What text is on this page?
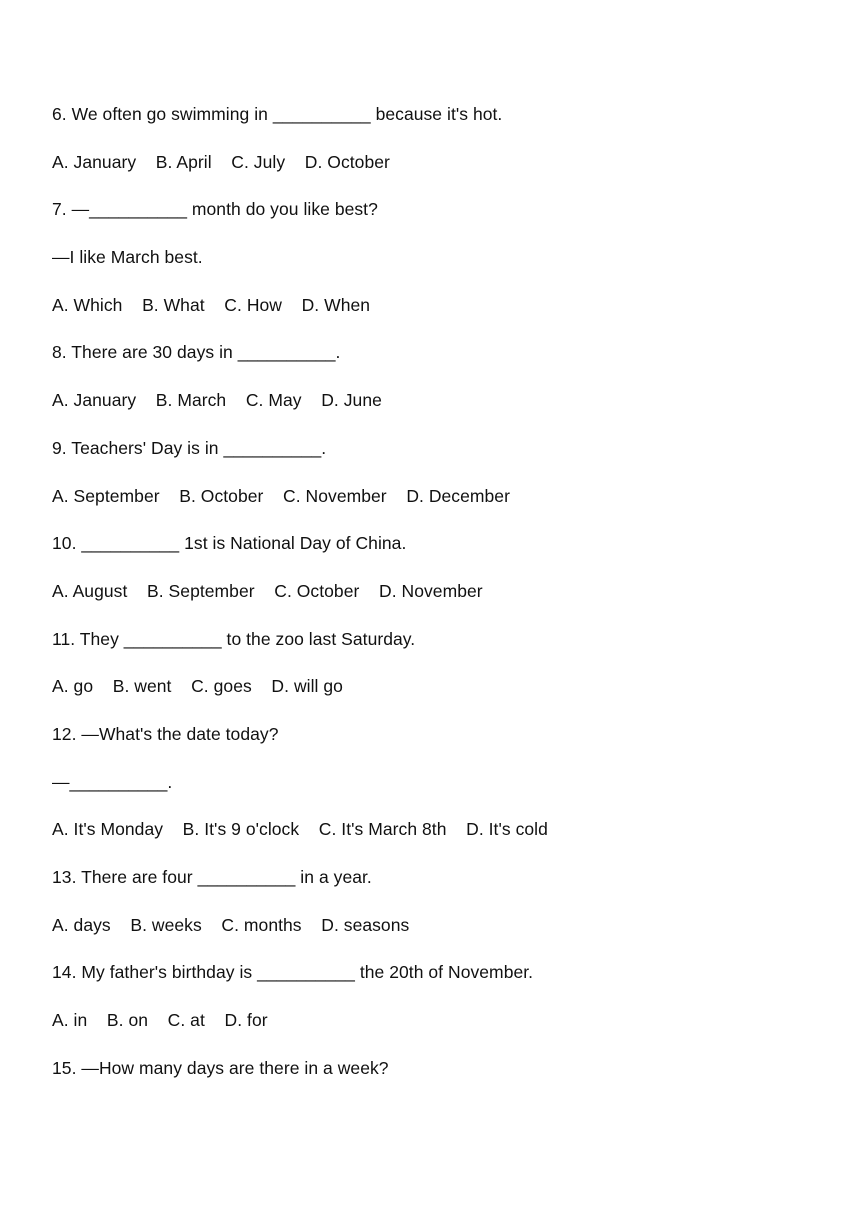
6. We often go swimming in __________ because it's hot.
A. January    B. April    C. July    D. October
7. —__________ month do you like best?
—I like March best.
A. Which    B. What    C. How    D. When
8. There are 30 days in __________.
A. January    B. March    C. May    D. June
9. Teachers' Day is in __________.
A. September    B. October    C. November    D. December
10. __________ 1st is National Day of China.
A. August    B. September    C. October    D. November
11. They __________ to the zoo last Saturday.
A. go    B. went    C. goes    D. will go
12. —What's the date today?
—__________.
A. It's Monday    B. It's 9 o'clock    C. It's March 8th    D. It's cold
13. There are four __________ in a year.
A. days    B. weeks    C. months    D. seasons
14. My father's birthday is __________ the 20th of November.
A. in    B. on    C. at    D. for
15. —How many days are there in a week?
